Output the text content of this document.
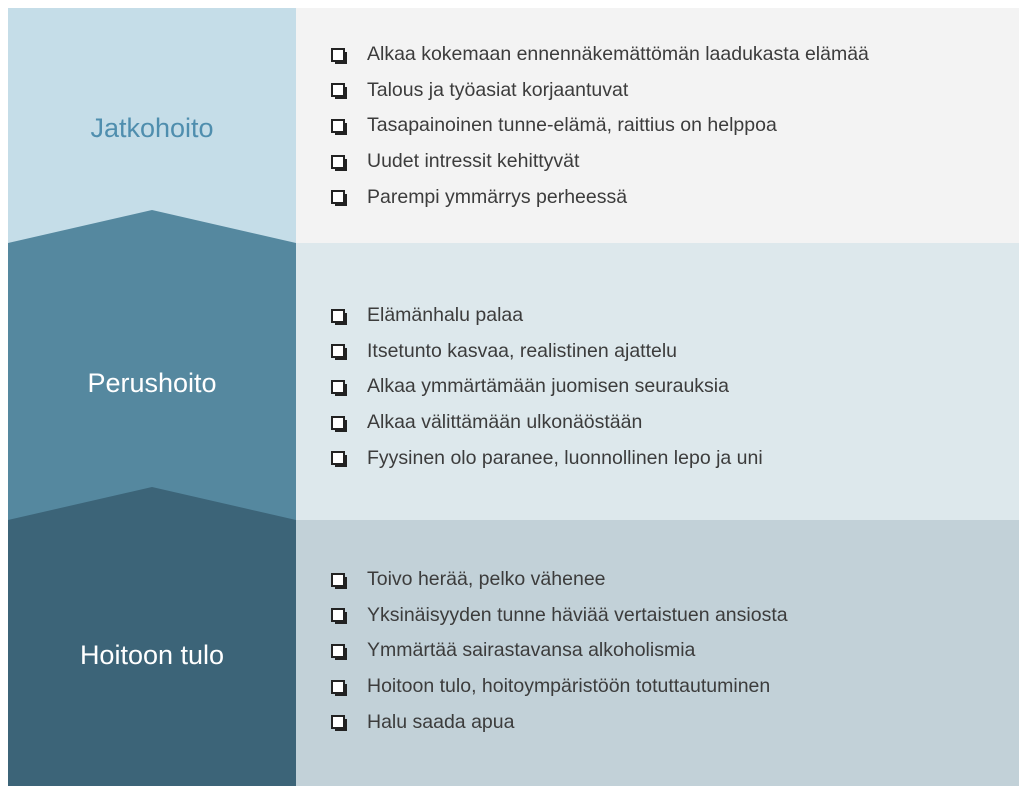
Jatkohoito
Perushoito
Hoitoon tulo
Alkaa kokemaan ennennäkemättömän laadukasta elämää
Talous ja työasiat korjaantuvat
Tasapainoinen tunne-elämä, raittius on helppoa
Uudet intressit kehittyvät
Parempi ymmärrys perheessä
Elämänhalu palaa
Itsetunto kasvaa, realistinen ajattelu
Alkaa ymmärtämään juomisen seurauksia
Alkaa välittämään ulkonäöstään
Fyysinen olo paranee, luonnollinen lepo ja uni
Toivo herää, pelko vähenee
Yksinäisyyden tunne häviää vertaistuen ansiosta
Ymmärtää sairastavansa alkoholismia
Hoitoon tulo, hoitoympäristöön totuttautuminen
Halu saada apua
